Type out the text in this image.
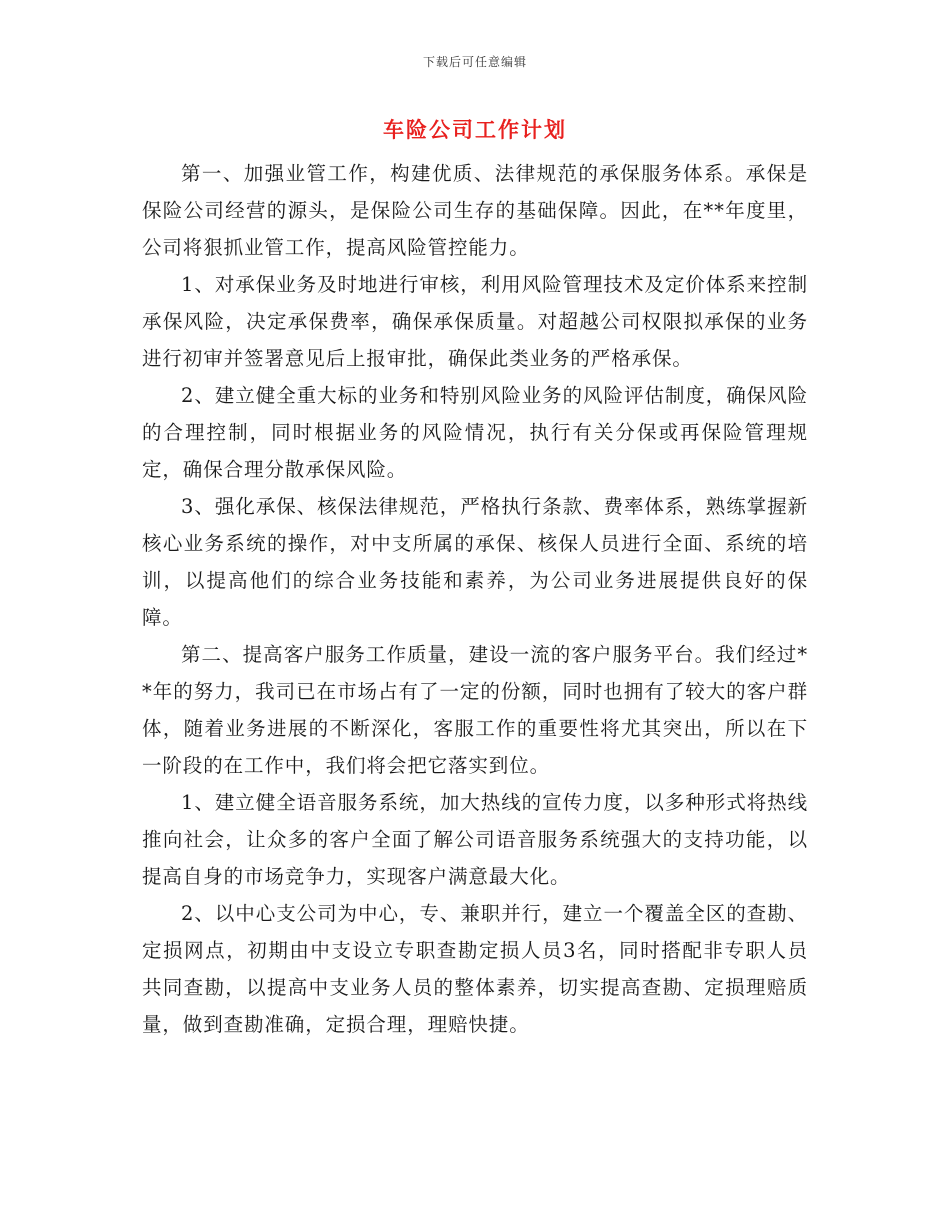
下载后可任意编辑
车险公司工作计划

第一、加强业管工作，构建优质、法律规范的承保服务体系。承保是保险公司经营的源头，是保险公司生存的基础保障。因此，在**年度里，公司将狠抓业管工作，提高风险管控能力。

1、对承保业务及时地进行审核，利用风险管理技术及定价体系来控制承保风险，决定承保费率，确保承保质量。对超越公司权限拟承保的业务进行初审并签署意见后上报审批，确保此类业务的严格承保。

2、建立健全重大标的业务和特别风险业务的风险评估制度，确保风险的合理控制，同时根据业务的风险情况，执行有关分保或再保险管理规定，确保合理分散承保风险。

3、强化承保、核保法律规范，严格执行条款、费率体系，熟练掌握新核心业务系统的操作，对中支所属的承保、核保人员进行全面、系统的培训，以提高他们的综合业务技能和素养，为公司业务进展提供良好的保障。

第二、提高客户服务工作质量，建设一流的客户服务平台。我们经过**年的努力，我司已在市场占有了一定的份额，同时也拥有了较大的客户群体，随着业务进展的不断深化，客服工作的重要性将尤其突出，所以在下一阶段的在工作中，我们将会把它落实到位。

1、建立健全语音服务系统，加大热线的宣传力度，以多种形式将热线推向社会，让众多的客户全面了解公司语音服务系统强大的支持功能，以提高自身的市场竞争力，实现客户满意最大化。

2、以中心支公司为中心，专、兼职并行，建立一个覆盖全区的查勘、定损网点，初期由中支设立专职查勘定损人员3名，同时搭配非专职人员共同查勘，以提高中支业务人员的整体素养，切实提高查勘、定损理赔质量，做到查勘准确，定损合理，理赔快捷。
